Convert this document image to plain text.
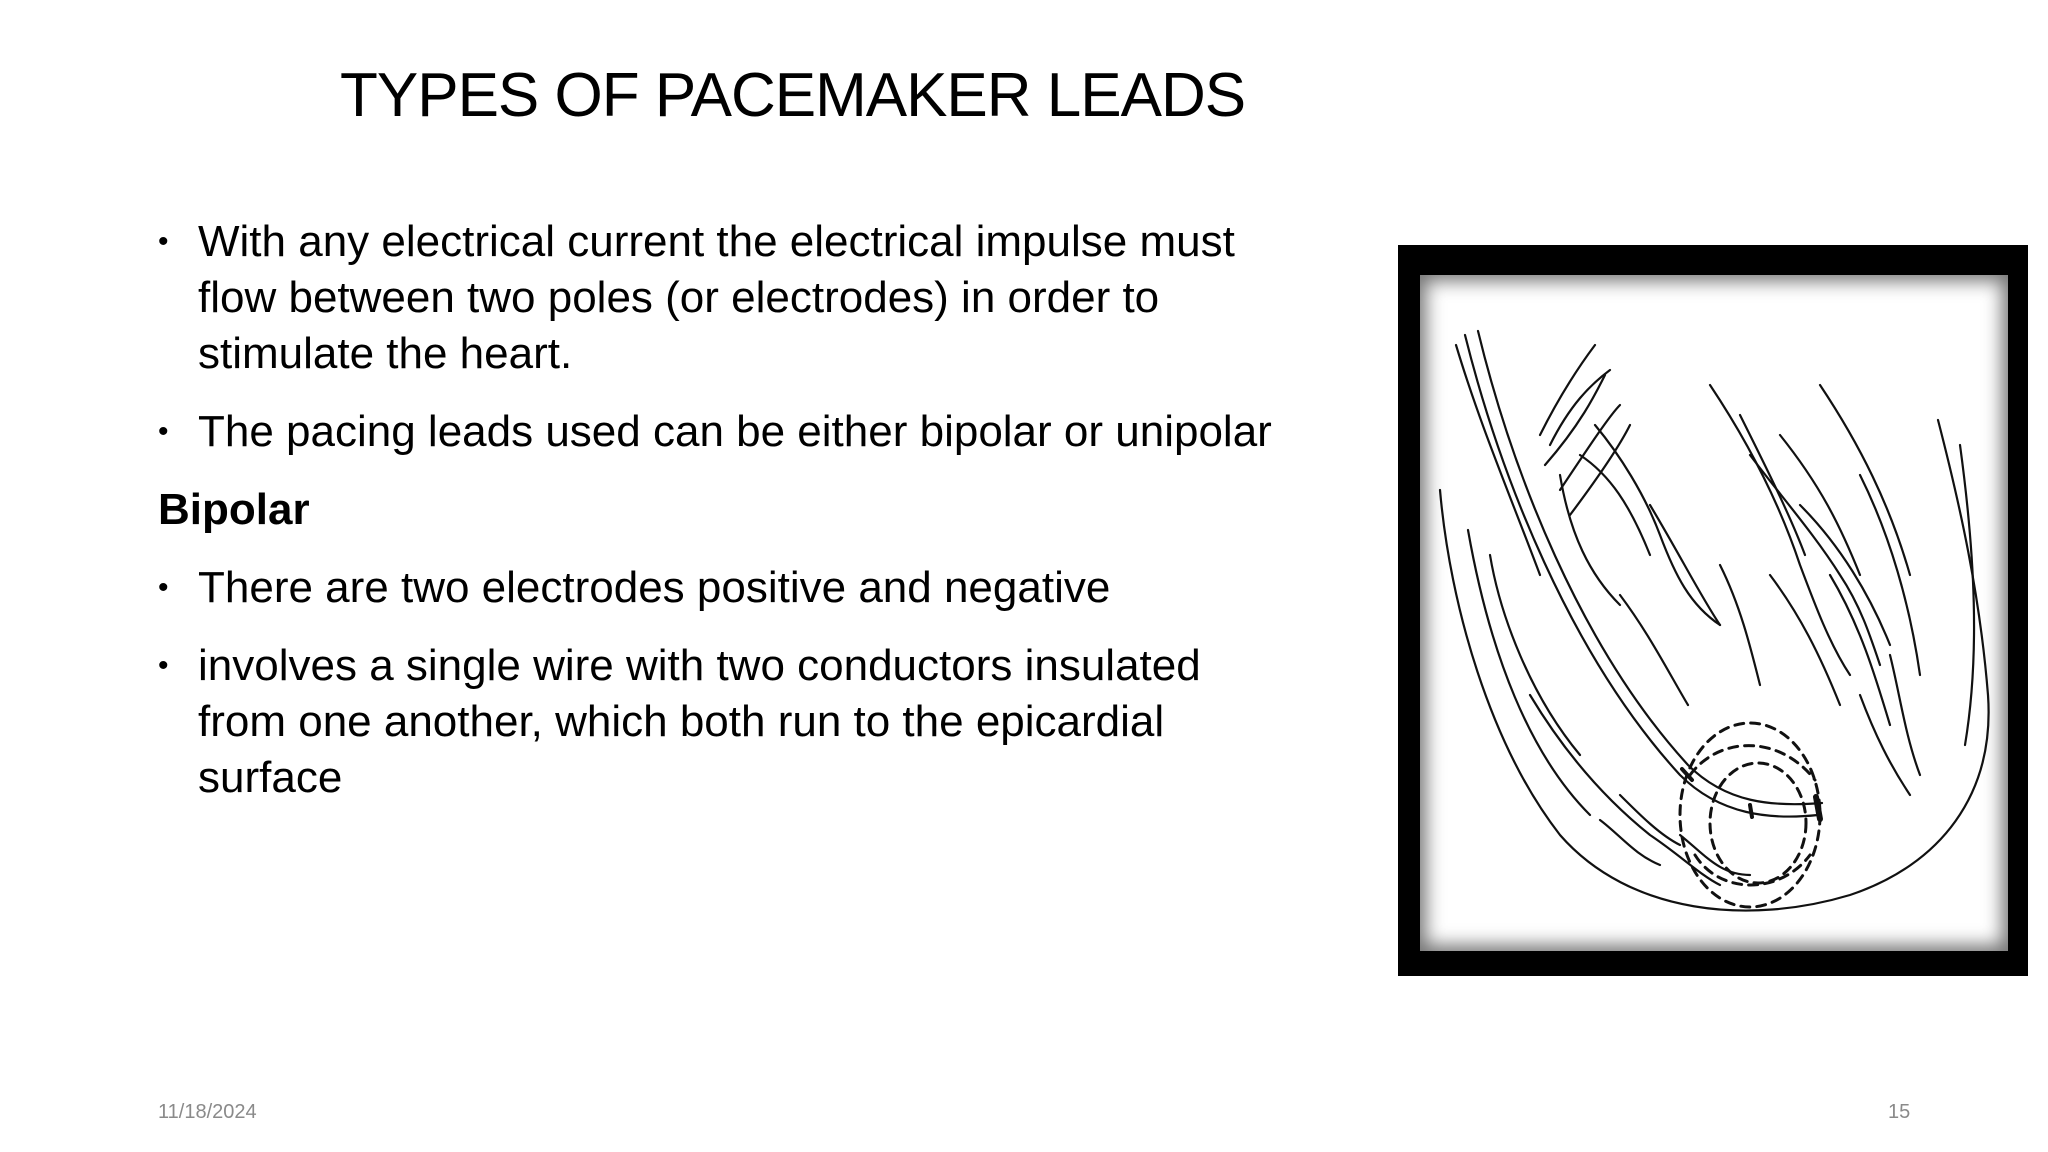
TYPES OF PACEMAKER LEADS
• With any electrical current the electrical impulse must flow between two poles (or electrodes) in order to stimulate the heart.
• The pacing leads used can be either bipolar or unipolar
Bipolar
• There are two electrodes positive and negative
• involves a single wire with two conductors insulated from one another, which both run to the epicardial surface
11/18/2024	15
